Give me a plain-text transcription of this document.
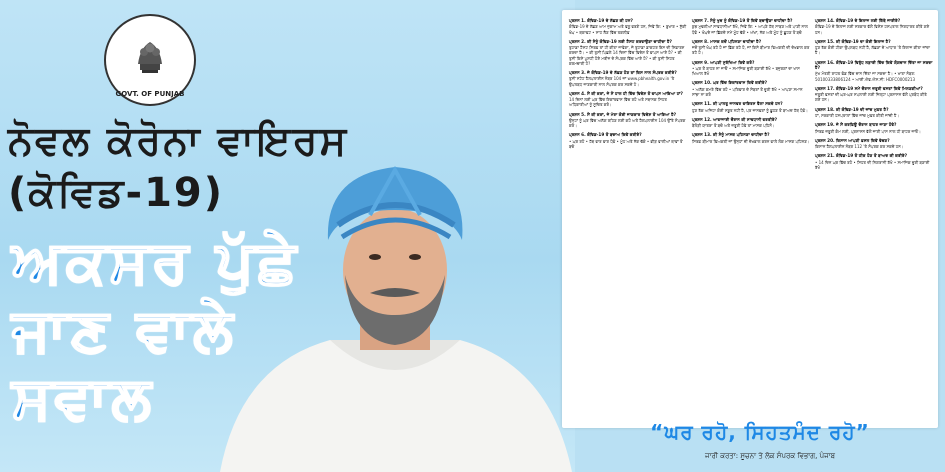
GOVT. OF PUNJAB
ਨੋਵਲ ਕੋਰੋਨਾ ਵਾਇਰਸ
(ਕੋਵਿਡ-19)
ਅਕਸਰ ਪੁੱਛੇ
ਜਾਣ ਵਾਲੇ
ਸਵਾਲ

ਪ੍ਰਸ਼ਨ 1. ਕੋਵਿਡ-19 ਦੇ ਲੱਛਣ ਕੀ ਹਨ?

ਕੋਵਿਡ-19 ਦੇ ਲੱਛਣ ਆਮ ਜ਼ੁਕਾਮ ਅਤੇ ਫਲੂ ਵਰਗੇ ਹਨ, ਜਿਵੇਂ ਕਿ: • ਬੁਖਾਰ • ਸੁੱਕੀ ਖੰਘ • ਥਕਾਵਟ • ਸਾਹ ਲੈਣ ਵਿੱਚ ਤਕਲੀਫ਼

ਪ੍ਰਸ਼ਨ 2. ਕੀ ਮੈਨੂੰ ਕੋਵਿਡ-19 ਲਈ ਟੈਸਟ ਕਰਵਾਉਣਾ ਚਾਹੀਦਾ ਹੈ?

ਤੁਹਾਡਾ ਟੈਸਟ ਸਿਰਫ਼ ਤਾਂ ਹੀ ਕੀਤਾ ਜਾਵੇਗਾ, ਜੇ ਤੁਹਾਡਾ ਡਾਕਟਰ ਇਸ ਦੀ ਸਿਫ਼ਾਰਸ਼ ਕਰਦਾ ਹੈ। • ਕੀ ਤੁਸੀਂ ਪਿਛਲੇ 14 ਦਿਨਾਂ ਵਿੱਚ ਵਿਦੇਸ਼ ਤੋਂ ਵਾਪਸ ਆਏ ਹੋ? • ਕੀ ਤੁਸੀਂ ਕਿਸੇ ਪੁਸ਼ਟੀ ਹੋਏ ਮਰੀਜ਼ ਦੇ ਸੰਪਰਕ ਵਿੱਚ ਆਏ ਹੋ? • ਕੀ ਤੁਸੀਂ ਸਿਹਤ ਕਰਮਚਾਰੀ ਹੋ?

ਪ੍ਰਸ਼ਨ 3. ਜੇ ਕੋਵਿਡ-19 ਦੇ ਲੱਛਣ ਹੋਣ ਤਾਂ ਕਿਸ ਨਾਲ ਸੰਪਰਕ ਕਰੀਏ?

ਤੁਸੀਂ ਸਟੇਟ ਹੈਲਪਲਾਈਨ ਨੰਬਰ 104 ਜਾਂ www.pbhealth.gov.in 'ਤੇ ਉਪਲਬਧ ਜਾਣਕਾਰੀ ਨਾਲ ਸੰਪਰਕ ਕਰ ਸਕਦੇ ਹੋ।

ਪ੍ਰਸ਼ਨ 4. ਮੈਂ ਕੀ ਕਰਾਂ, ਜੇ ਮੈਂ ਹਾਲ ਹੀ ਵਿੱਚ ਵਿਦੇਸ਼ ਤੋਂ ਵਾਪਸ ਆਇਆ ਹਾਂ?

14 ਦਿਨਾਂ ਲਈ ਘਰ ਵਿੱਚ ਇਕਾਂਤਵਾਸ ਵਿੱਚ ਰਹੋ ਅਤੇ ਸਥਾਨਕ ਸਿਹਤ ਅਧਿਕਾਰੀਆਂ ਨੂੰ ਸੂਚਿਤ ਕਰੋ।

ਪ੍ਰਸ਼ਨ 5. ਮੈਂ ਕੀ ਕਰਾਂ, ਜੇ ਮੇਰਾ ਕੋਈ ਜਾਣਕਾਰ ਵਿਦੇਸ਼ ਤੋਂ ਆਇਆ ਹੈ?

ਉਨ੍ਹਾਂ ਨੂੰ ਘਰ ਵਿੱਚ ਅਲੱਗ ਰਹਿਣ ਲਈ ਕਹੋ ਅਤੇ ਹੈਲਪਲਾਈਨ 104 ਉੱਤੇ ਸੰਪਰਕ ਕਰੋ।

ਪ੍ਰਸ਼ਨ 6. ਕੋਵਿਡ-19 ਤੋਂ ਬਚਾਅ ਕਿਵੇਂ ਕਰੀਏ?

• ਘਰ ਰਹੋ • ਹੱਥ ਵਾਰ ਵਾਰ ਧੋਵੋ • ਮੂੰਹ ਅਤੇ ਨੱਕ ਢੱਕੋ • ਭੀੜ ਵਾਲੀਆਂ ਥਾਵਾਂ ਤੋਂ ਬਚੋ

ਪ੍ਰਸ਼ਨ 7. ਮੈਨੂੰ ਖੁਦ ਨੂੰ ਕੋਵਿਡ-19 ਤੋਂ ਕਿਵੇਂ ਬਚਾਉਣਾ ਚਾਹੀਦਾ ਹੈ?

ਕੁਝ ਮੁਢਲੀਆਂ ਸਾਵਧਾਨੀਆਂ ਰੱਖੋ, ਜਿਵੇਂ ਕਿ: • ਆਪਣੇ ਹੱਥ ਸਾਬਣ ਅਤੇ ਪਾਣੀ ਨਾਲ ਧੋਵੋ • ਖੰਘਦੇ ਜਾਂ ਛਿੱਕਦੇ ਸਮੇਂ ਮੂੰਹ ਢੱਕੋ • ਅੱਖਾਂ, ਨੱਕ ਅਤੇ ਮੂੰਹ ਨੂੰ ਛੂਹਣ ਤੋਂ ਬਚੋ

ਪ੍ਰਸ਼ਨ 8. ਮਾਸਕ ਕਦੋਂ ਪਹਿਨਣਾ ਚਾਹੀਦਾ ਹੈ?

ਜਦੋਂ ਤੁਸੀਂ ਖੰਘ ਰਹੇ ਹੋ ਜਾਂ ਛਿੱਕ ਰਹੇ ਹੋ, ਜਾਂ ਕਿਸੇ ਬੀਮਾਰ ਵਿਅਕਤੀ ਦੀ ਦੇਖਭਾਲ ਕਰ ਰਹੇ ਹੋ।

ਪ੍ਰਸ਼ਨ 9. ਆਪਣੀ ਸੁਰੱਖਿਆ ਕਿਵੇਂ ਕਰੋ?

• ਘਰ ਤੋਂ ਬਾਹਰ ਨਾ ਜਾਓ • ਸਮਾਜਿਕ ਦੂਰੀ ਬਣਾਈ ਰੱਖੋ • ਬਜ਼ੁਰਗਾਂ ਦਾ ਖਾਸ ਖਿਆਲ ਰੱਖੋ

ਪ੍ਰਸ਼ਨ 10. ਘਰ ਵਿੱਚ ਇਕਾਂਤਵਾਸ ਕਿਵੇਂ ਕਰੀਏ?

• ਅਲੱਗ ਕਮਰੇ ਵਿੱਚ ਰਹੋ • ਪਰਿਵਾਰ ਦੇ ਮੈਂਬਰਾਂ ਤੋਂ ਦੂਰੀ ਰੱਖੋ • ਆਪਣਾ ਸਮਾਨ ਸਾਂਝਾ ਨਾ ਕਰੋ

ਪ੍ਰਸ਼ਨ 11. ਕੀ ਪਾਲਤੂ ਜਾਨਵਰ ਵਾਇਰਸ ਫੈਲਾ ਸਕਦੇ ਹਨ?

ਹੁਣ ਤੱਕ ਅਜਿਹਾ ਕੋਈ ਸਬੂਤ ਨਹੀਂ ਹੈ, ਪਰ ਜਾਨਵਰਾਂ ਨੂੰ ਛੂਹਣ ਤੋਂ ਬਾਅਦ ਹੱਥ ਧੋਵੋ।

ਪ੍ਰਸ਼ਨ 12. ਆਵਾਜਾਈ ਦੌਰਾਨ ਕੀ ਸਾਵਧਾਨੀ ਵਰਤੀਏ?

ਬੇਲੋੜੀ ਯਾਤਰਾ ਤੋਂ ਬਚੋ ਅਤੇ ਜ਼ਰੂਰੀ ਹੋਵੇ ਤਾਂ ਮਾਸਕ ਪਹਿਨੋ।

ਪ੍ਰਸ਼ਨ 13. ਕੀ ਮੈਨੂੰ ਮਾਸਕ ਪਹਿਨਣਾ ਚਾਹੀਦਾ ਹੈ?

ਸਿਰਫ਼ ਬੀਮਾਰ ਵਿਅਕਤੀ ਜਾਂ ਉਨ੍ਹਾਂ ਦੀ ਦੇਖਭਾਲ ਕਰਨ ਵਾਲੇ ਲੋਕ ਮਾਸਕ ਪਹਿਨਣ।

ਪ੍ਰਸ਼ਨ 14. ਕੋਵਿਡ-19 ਦੇ ਇਲਾਜ ਲਈ ਕਿੱਥੇ ਜਾਈਏ?

ਕੋਵਿਡ-19 ਦੇ ਇਲਾਜ ਲਈ ਸਰਕਾਰ ਵੱਲੋਂ ਵਿਸ਼ੇਸ਼ ਹਸਪਤਾਲ ਨਿਰਧਾਰਤ ਕੀਤੇ ਗਏ ਹਨ।

ਪ੍ਰਸ਼ਨ 15. ਕੀ ਕੋਵਿਡ-19 ਦਾ ਕੋਈ ਇਲਾਜ ਹੈ?

ਹੁਣ ਤੱਕ ਕੋਈ ਟੀਕਾ ਉਪਲਬਧ ਨਹੀਂ ਹੈ, ਲੱਛਣਾਂ ਦੇ ਆਧਾਰ 'ਤੇ ਇਲਾਜ ਕੀਤਾ ਜਾਂਦਾ ਹੈ।

ਪ੍ਰਸ਼ਨ 16. ਕੋਵਿਡ-19 ਵਿਰੁੱਧ ਲੜਾਈ ਵਿੱਚ ਕਿਵੇਂ ਯੋਗਦਾਨ ਦਿੱਤਾ ਜਾ ਸਕਦਾ ਹੈ?

ਮੁੱਖ ਮੰਤਰੀ ਰਾਹਤ ਫੰਡ ਵਿੱਚ ਦਾਨ ਦਿੱਤਾ ਜਾ ਸਕਦਾ ਹੈ। • ਖਾਤਾ ਨੰਬਰ: 50100333806124 • ਆਈ.ਐਫ.ਐਸ.ਸੀ: HDFC0000213

ਪ੍ਰਸ਼ਨ 17. ਕੋਵਿਡ-19 ਸਮੇਂ ਦੌਰਾਨ ਜ਼ਰੂਰੀ ਵਸਤਾਂ ਕਿਵੇਂ ਮਿਲਣਗੀਆਂ?

ਜ਼ਰੂਰੀ ਵਸਤਾਂ ਦੀ ਘਰ-ਘਰ ਸਪਲਾਈ ਲਈ ਜ਼ਿਲ੍ਹਾ ਪ੍ਰਸ਼ਾਸਨ ਵੱਲੋਂ ਪ੍ਰਬੰਧ ਕੀਤੇ ਗਏ ਹਨ।

ਪ੍ਰਸ਼ਨ 18. ਕੀ ਕੋਵਿਡ-19 ਦੀ ਜਾਂਚ ਮੁਫ਼ਤ ਹੈ?

ਹਾਂ, ਸਰਕਾਰੀ ਹਸਪਤਾਲਾਂ ਵਿੱਚ ਜਾਂਚ ਮੁਫ਼ਤ ਕੀਤੀ ਜਾਂਦੀ ਹੈ।

ਪ੍ਰਸ਼ਨ 19. ਜੇ ਮੈਂ ਕਰਫ਼ਿਊ ਦੌਰਾਨ ਬਾਹਰ ਜਾਣਾ ਹੋਵੇ?

ਸਿਰਫ਼ ਜ਼ਰੂਰੀ ਕੰਮ ਲਈ, ਪ੍ਰਸ਼ਾਸਨ ਵੱਲੋਂ ਜਾਰੀ ਪਾਸ ਨਾਲ ਹੀ ਬਾਹਰ ਜਾਓ।

ਪ੍ਰਸ਼ਨ 20. ਕਿਸਾਨ ਆਪਣੀ ਫ਼ਸਲ ਕਿਵੇਂ ਵੇਚਣ?

ਕਿਸਾਨ ਹੈਲਪਲਾਈਨ ਨੰਬਰ 112 'ਤੇ ਸੰਪਰਕ ਕਰ ਸਕਦੇ ਹਨ।

ਪ੍ਰਸ਼ਨ 21. ਕੋਵਿਡ-19 ਤੋਂ ਠੀਕ ਹੋਣ ਤੋਂ ਬਾਅਦ ਕੀ ਕਰੀਏ?

• 14 ਦਿਨ ਘਰ ਵਿੱਚ ਰਹੋ • ਸਿਹਤ ਦੀ ਨਿਗਰਾਨੀ ਰੱਖੋ • ਸਮਾਜਿਕ ਦੂਰੀ ਬਣਾਈ ਰੱਖੋ

“ਘਰ ਰਹੋ, ਸਿਹਤਮੰਦ ਰਹੋ”
ਜਾਰੀ ਕਰਤਾ: ਸੂਚਨਾ ਤੇ ਲੋਕ ਸੰਪਰਕ ਵਿਭਾਗ, ਪੰਜਾਬ
